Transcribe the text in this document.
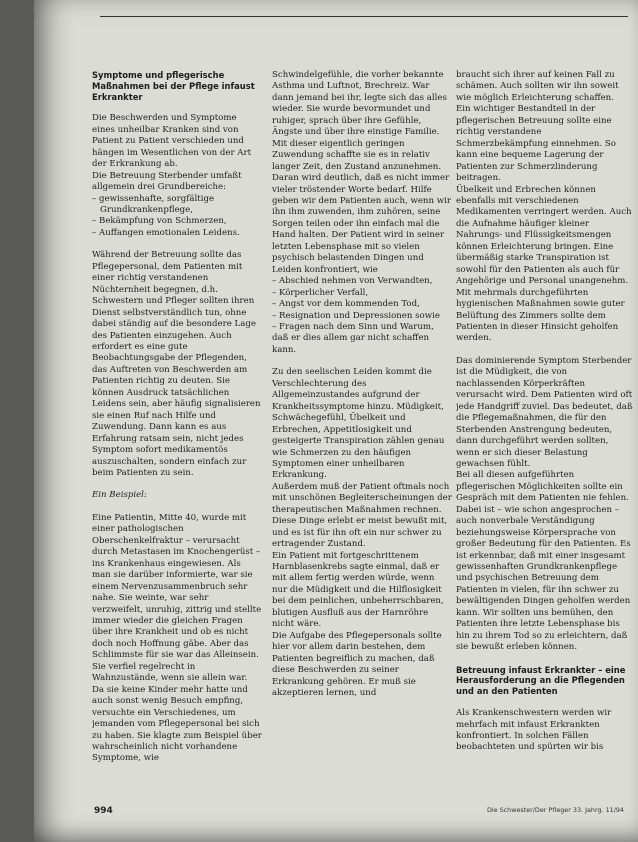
Symptome und pflegerische Maßnahmen bei der Pflege infaust Erkrankter

Die Beschwerden und Symptome eines unheilbar Kranken sind von Patient zu Patient verschieden und hängen im Wesentlichen von der Art der Erkrankung ab.

Die Betreuung Sterbender umfaßt allgemein drei Grundbereiche:

– gewissenhafte, sorgfältige Grundkrankenpflege,

– Bekämpfung von Schmerzen,

– Auffangen emotionalen Leidens.

Während der Betreuung sollte das Pflegepersonal, dem Patienten mit einer richtig verstandenen Nüchternheit begegnen, d.h. Schwestern und Pfleger sollten ihren Dienst selbstverständlich tun, ohne dabei ständig auf die besondere Lage des Patienten einzugehen. Auch erfordert es eine gute Beobachtungsgabe der Pflegenden, das Auftreten von Beschwerden am Patienten richtig zu deuten. Sie können Ausdruck tatsächlichen Leidens sein, aber häufig signalisieren sie einen Ruf nach Hilfe und Zuwendung. Dann kann es aus Erfahrung ratsam sein, nicht jedes Symptom sofort medikamentös auszuschalten, sondern einfach zur beim Patienten zu sein.

Ein Beispiel:

Eine Patientin, Mitte 40, wurde mit einer pathologischen Oberschenkelfraktur – verursacht durch Metastasen im Knochengerüst – ins Krankenhaus eingewiesen. Als man sie darüber informierte, war sie einem Nervenzusammenbruch sehr nahe. Sie weinte, war sehr verzweifelt, unruhig, zittrig und stellte immer wieder die gleichen Fragen über ihre Krankheit und ob es nicht doch noch Hoffnung gäbe. Aber das Schlimmste für sie war das Alleinsein. Sie verfiel regelrecht in Wahnzustände, wenn sie allein war.

Da sie keine Kinder mehr hatte und auch sonst wenig Besuch empfing, versuchte ein Verschiedenes, um jemanden vom Pflegepersonal bei sich zu haben. Sie klagte zum Beispiel über wahrscheinlich nicht vorhandene Symptome, wie

Schwindelgefühle, die vorher bekannte Asthma und Luftnot, Brechreiz. War dann jemand bei ihr, legte sich das alles wieder. Sie wurde bevormundet und ruhiger, sprach über ihre Gefühle, Ängste und über ihre einstige Familie. Mit dieser eigentlich geringen Zuwendung schaffte sie es in relativ langer Zeit, den Zustand anzunehmen.

Daran wird deutlich, daß es nicht immer vieler tröstender Worte bedarf. Hilfe geben wir dem Patienten auch, wenn wir ihn ihm zuwenden, ihm zuhören, seine Sorgen teilen oder ihn einfach mal die Hand halten. Der Patient wird in seiner letzten Lebensphase mit so vielen psychisch belastenden Dingen und Leiden konfrontiert, wie

– Abschied nehmen von Verwandten,

– Körperlicher Verfall,

– Angst vor dem kommenden Tod,

– Resignation und Depressionen sowie

– Fragen nach dem Sinn und Warum,

daß er dies allem gar nicht schaffen kann.

Zu den seelischen Leiden kommt die Verschlechterung des Allgemeinzustandes aufgrund der Krankheitssymptome hinzu. Müdigkeit, Schwächegefühl, Übelkeit und Erbrechen, Appetitlosigkeit und gesteigerte Transpiration zählen genau wie Schmerzen zu den häufigen Symptomen einer unheilbaren Erkrankung.

Außerdem muß der Patient oftmals noch mit unschönen Begleiterscheinungen der therapeutischen Maßnahmen rechnen. Diese Dinge erlebt er meist bewußt mit, und es ist für ihn oft ein nur schwer zu ertragender Zustand.

Ein Patient mit fortgeschrittenem Harnblasenkrebs sagte einmal, daß er mit allem fertig werden würde, wenn nur die Müdigkeit und die Hilflosigkeit bei dem peinlichen, unbeherrschbaren, blutigen Ausfluß aus der Harnröhre nicht wäre.

Die Aufgabe des Pflegepersonals sollte hier vor allem darin bestehen, dem Patienten begreiflich zu machen, daß diese Beschwerden zu seiner Erkrankung gehören. Er muß sie akzeptieren lernen, und

braucht sich ihrer auf keinen Fall zu schämen. Auch sollten wir ihn soweit wie möglich Erleichterung schaffen.

Ein wichtiger Bestandteil in der pflegerischen Betreuung sollte eine richtig verstandene Schmerzbekämpfung einnehmen. So kann eine bequeme Lagerung der Patienten zur Schmerzlinderung beitragen.

Übelkeit und Erbrechen können ebenfalls mit verschiedenen Medikamenten verringert werden. Auch die Aufnahme häufiger kleiner Nahrungs- und Flüssigkeitsmengen können Erleichterung bringen. Eine übermäßig starke Transpiration ist sowohl für den Patienten als auch für Angehörige und Personal unangenehm. Mit mehrmals durchgeführten hygienischen Maßnahmen sowie guter Belüftung des Zimmers sollte dem Patienten in dieser Hinsicht geholfen werden.

Das dominierende Symptom Sterbender ist die Müdigkeit, die von nachlassenden Körperkräften verursacht wird. Dem Patienten wird oft jede Handgriff zuviel. Das bedeutet, daß die Pflegemaßnahmen, die für den Sterbenden Anstrengung bedeuten, dann durchgeführt werden sollten, wenn er sich dieser Belastung gewachsen fühlt.

Bei all diesen aufgeführten pflegerischen Möglichkeiten sollte ein Gespräch mit dem Patienten nie fehlen. Dabei ist – wie schon angesprochen – auch nonverbale Verständigung beziehungsweise Körpersprache von großer Bedeutung für den Patienten. Es ist erkennbar, daß mit einer insgesamt gewissenhaften Grundkrankenpflege und psychischen Betreuung dem Patienten in vielen, für ihn schwer zu bewältigenden Dingen geholfen werden kann. Wir sollten uns bemühen, den Patienten ihre letzte Lebensphase bis hin zu ihrem Tod so zu erleichtern, daß sie bewußt erleben können.

Betreuung infaust Erkrankter – eine Herausforderung an die Pflegenden und an den Patienten

Als Krankenschwestern werden wir mehrfach mit infaust Erkrankten konfrontiert. In solchen Fällen beobachteten und spürten wir bis

994	Die Schwester/Der Pfleger 33. Jahrg. 11/94
